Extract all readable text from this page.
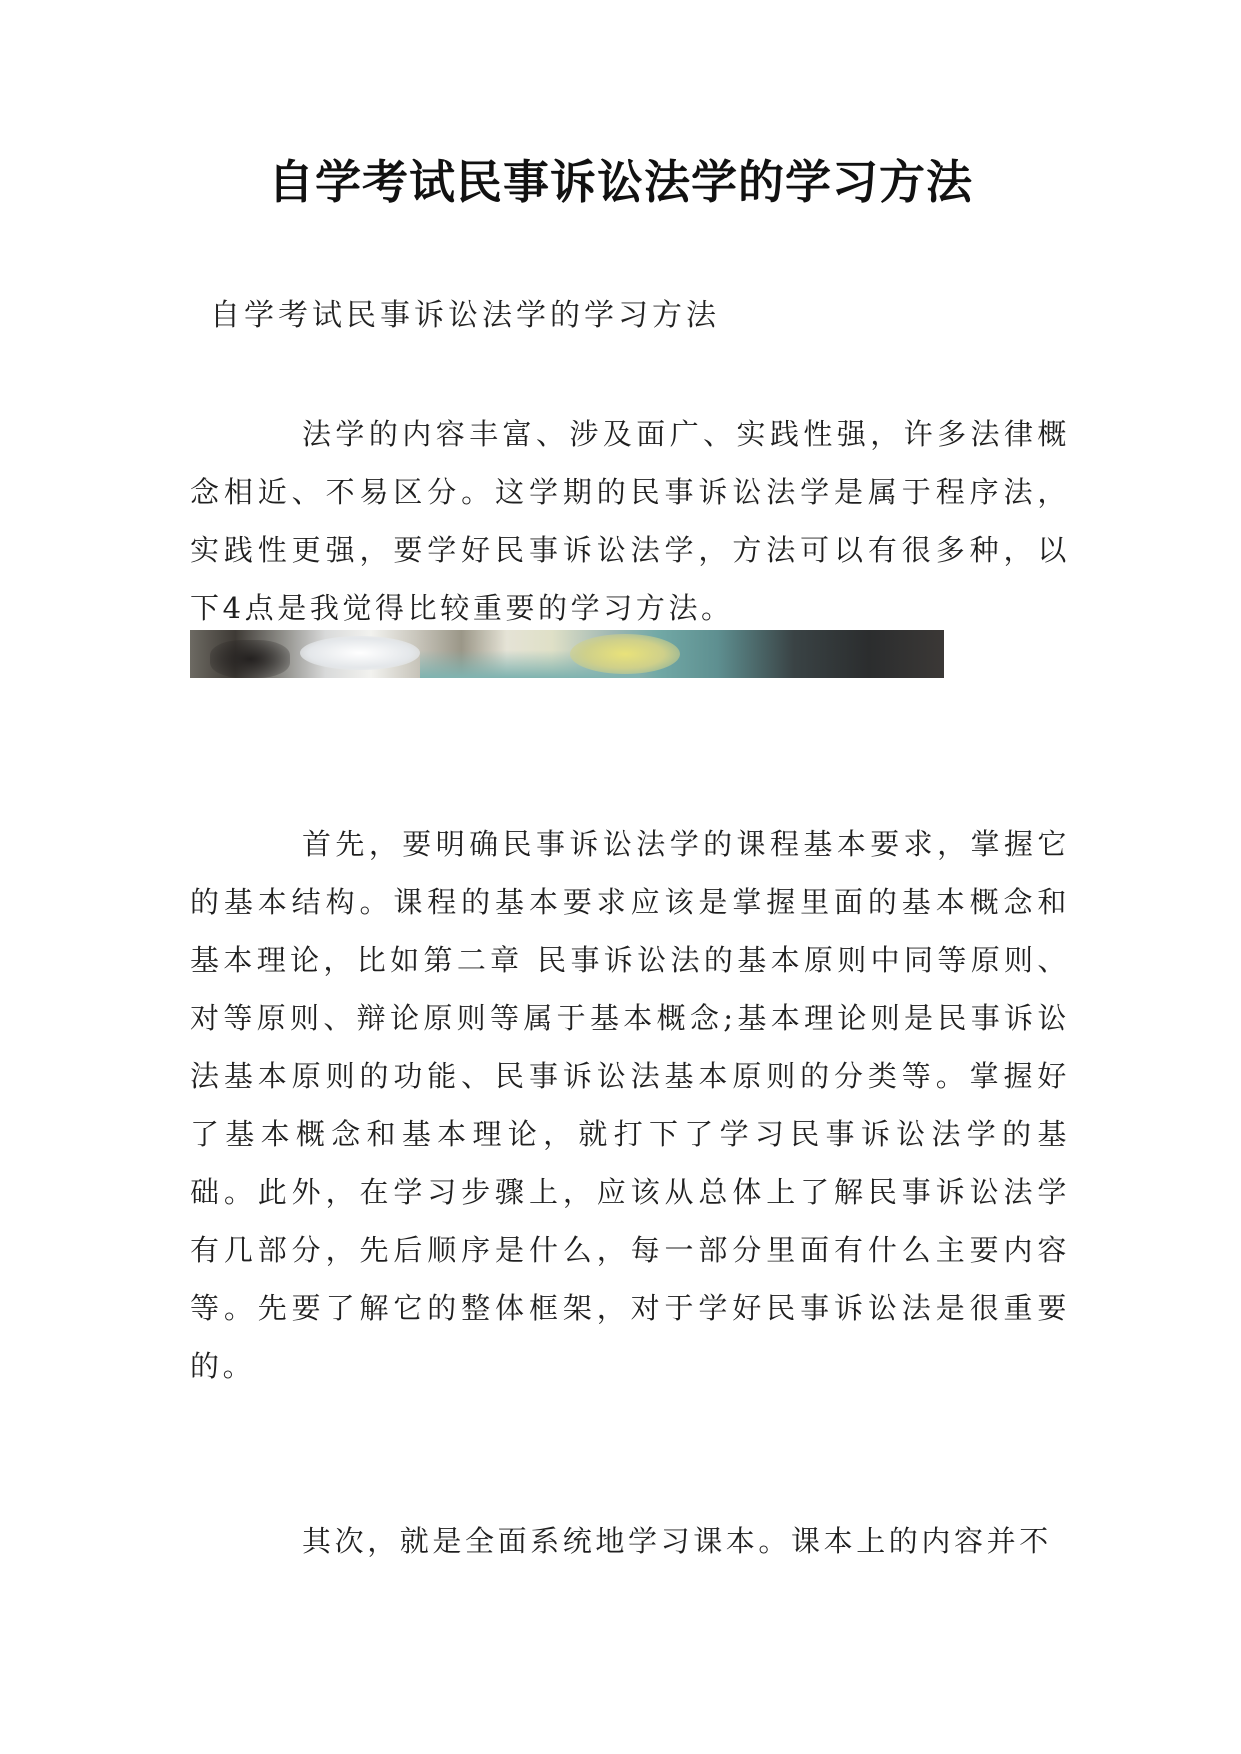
自学考试民事诉讼法学的学习方法

自学考试民事诉讼法学的学习方法

法学的内容丰富、涉及面广、实践性强，许多法律概念相近、不易区分。这学期的民事诉讼法学是属于程序法，实践性更强，要学好民事诉讼法学，方法可以有很多种，以下4点是我觉得比较重要的学习方法。

首先，要明确民事诉讼法学的课程基本要求，掌握它的基本结构。课程的基本要求应该是掌握里面的基本概念和基本理论，比如第二章 民事诉讼法的基本原则中同等原则、对等原则、辩论原则等属于基本概念;基本理论则是民事诉讼法基本原则的功能、民事诉讼法基本原则的分类等。掌握好了基本概念和基本理论，就打下了学习民事诉讼法学的基础。此外，在学习步骤上，应该从总体上了解民事诉讼法学有几部分，先后顺序是什么，每一部分里面有什么主要内容等。先要了解它的整体框架，对于学好民事诉讼法是很重要的。

其次，就是全面系统地学习课本。课本上的内容并不
